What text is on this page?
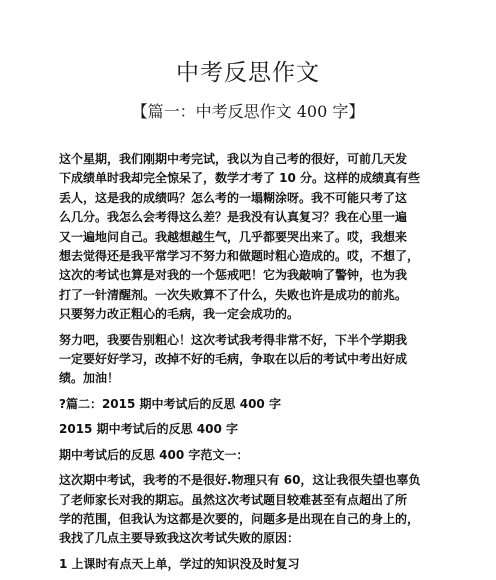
中考反思作文

【篇一：中考反思作文 400 字】

这个星期，我们刚期中考完试，我以为自己考的很好，可前几天发
下成绩单时我却完全惊呆了，数学才考了 10 分。这样的成绩真有些
丢人，这是我的成绩吗？怎么考的一塌糊涂呀。我不可能只考了这
么几分。我怎么会考得这么差？是我没有认真复习？我在心里一遍
又一遍地问自己。我越想越生气，几乎都要哭出来了。哎，我想来
想去觉得还是我平常学习不努力和做题时粗心造成的。哎，不想了，
这次的考试也算是对我的一个惩戒吧！它为我敲响了警钟，也为我
打了一针清醒剂。一次失败算不了什么，失败也许是成功的前兆。
只要努力改正粗心的毛病，我一定会成功的。

努力吧，我要告别粗心！这次考试我考得非常不好，下半个学期我
一定要好好学习，改掉不好的毛病，争取在以后的考试中考出好成
绩。加油！

?篇二：2015 期中考试后的反思 400 字

2015 期中考试后的反思 400 字

期中考试后的反思 400 字范文一：

这次期中考试，我考的不是很好.物理只有 60，这让我很失望也辜负
了老师家长对我的期忘。虽然这次考试题目较难甚至有点超出了所
学的范围，但我认为这都是次要的，问题多是出现在自己的身上的，
我找了几点主要导致我这次考试失败的原因：

1 上课时有点天上单，学过的知识没及时复习
